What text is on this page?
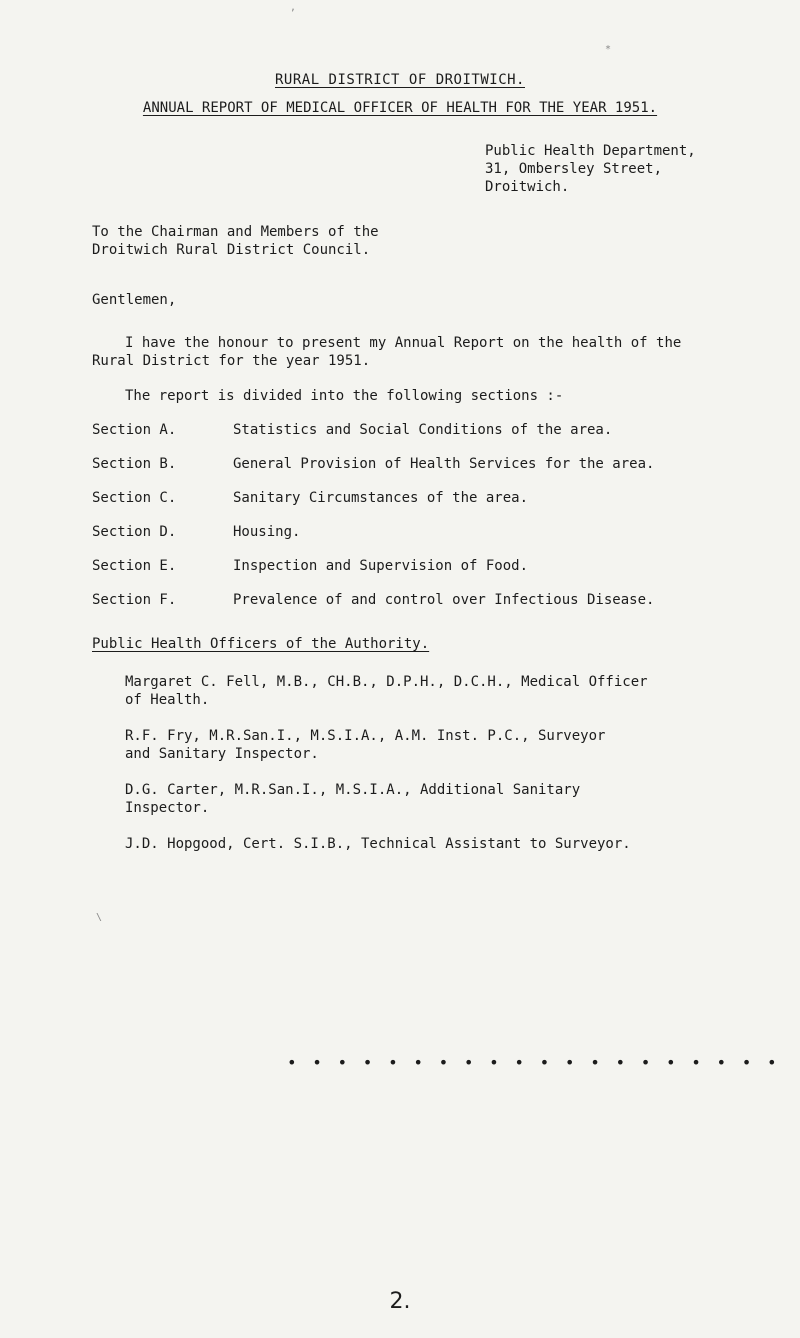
,
*
RURAL DISTRICT OF DROITWICH.
ANNUAL REPORT OF MEDICAL OFFICER OF HEALTH FOR THE YEAR 1951.
Public Health Department,
31, Ombersley Street,
Droitwich.
To the Chairman and Members of the
Droitwich Rural District Council.
Gentlemen,
I have the honour to present my Annual Report on the health of the
Rural District for the year 1951.
The report is divided into the following sections :-
Section A.	Statistics and Social Conditions of the area.
Section B.	General Provision of Health Services for the area.
Section C.	Sanitary Circumstances of the area.
Section D.	Housing.
Section E.	Inspection and Supervision of Food.
Section F.	Prevalence of and control over Infectious Disease.
Public Health Officers of the Authority.
Margaret C. Fell, M.B., CH.B., D.P.H., D.C.H., Medical Officer
of Health.
R.F. Fry, M.R.San.I., M.S.I.A., A.M. Inst. P.C., Surveyor
and Sanitary Inspector.
D.G. Carter, M.R.San.I., M.S.I.A., Additional Sanitary
Inspector.
J.D. Hopgood, Cert. S.I.B., Technical Assistant to Surveyor.
\
• • • • • • • • • • • • • • • • • • • •
2.
